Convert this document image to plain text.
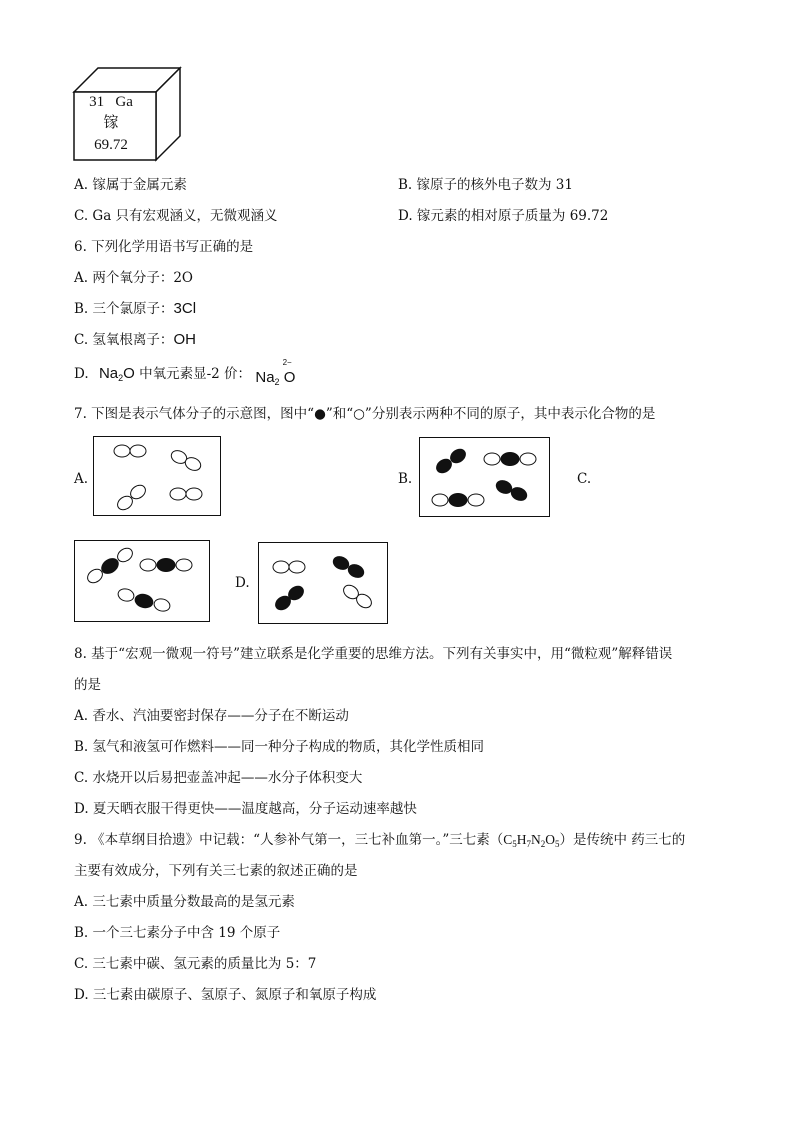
31 Ga
镓
69.72
A. 镓属于金属元素	B. 镓原子的核外电子数为 31
C. Ga 只有宏观涵义，无微观涵义	D. 镓元素的相对原子质量为 69.72
6. 下列化学用语书写正确的是
A. 两个氧分子：2O
B. 三个氯原子：3Cl
C. 氢氧根离子：OH
D. $Na_2O$ 中氧元素显-2 价： $Na_2$
2−
O
7. 下图是表示气体分子的示意图，图中“●”和“○”分别表示两种不同的原子，其中表示化合物的是
A.	B.	C.
D.
8. 基于“宏观一微观一符号”建立联系是化学重要的思维方法。下列有关事实中，用“微粒观”解释错误
的是
A. 香水、汽油要密封保存——分子在不断运动
B. 氢气和液氢可作燃料——同一种分子构成的物质，其化学性质相同
C. 水烧开以后易把壶盖冲起——水分子体积变大
D. 夏天晒衣服干得更快——温度越高，分子运动速率越快
9. 《本草纲目拾遗》中记载：“人参补气第一，三七补血第一。”三七素$(C_5H_7N_2O_5)$是传统中 药三七的
主要有效成分，下列有关三七素的叙述正确的是
A. 三七素中质量分数最高的是氢元素
B. 一个三七素分子中含 19 个原子
C. 三七素中碳、氢元素的质量比为 5：7
D. 三七素由碳原子、氢原子、氮原子和氧原子构成
